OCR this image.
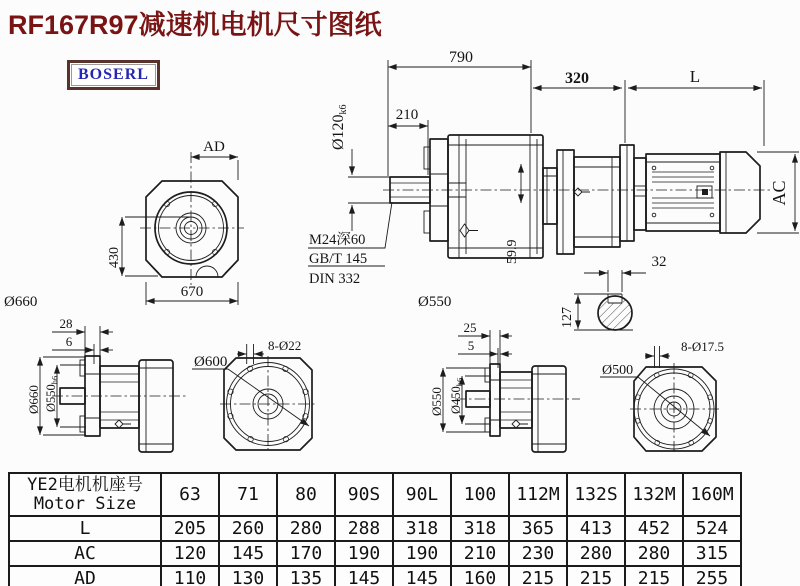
RF167R97减速机电机尺寸图纸
BOSERL
790
320	L
210
Ø120k6
59.9
AC
M24深60
GB/T 145
DIN 332
AD
430
670
Ø660
28
6
Ø660 $Ø550_{h6}$
Ø600
8-Ø22
Ø550
25
5
Ø550 $Ø450_{h6}$
Ø500
8-Ø17.5
32
127
YE2电机机座号
Motor Size	63	71	80	90S	90L	100	112M	132S	132M	160M
L	205	260	280	288	318	318	365	413	452	524
AC	120	145	170	190	190	210	230	280	280	315
AD	110	130	135	145	145	160	215	215	215	255
